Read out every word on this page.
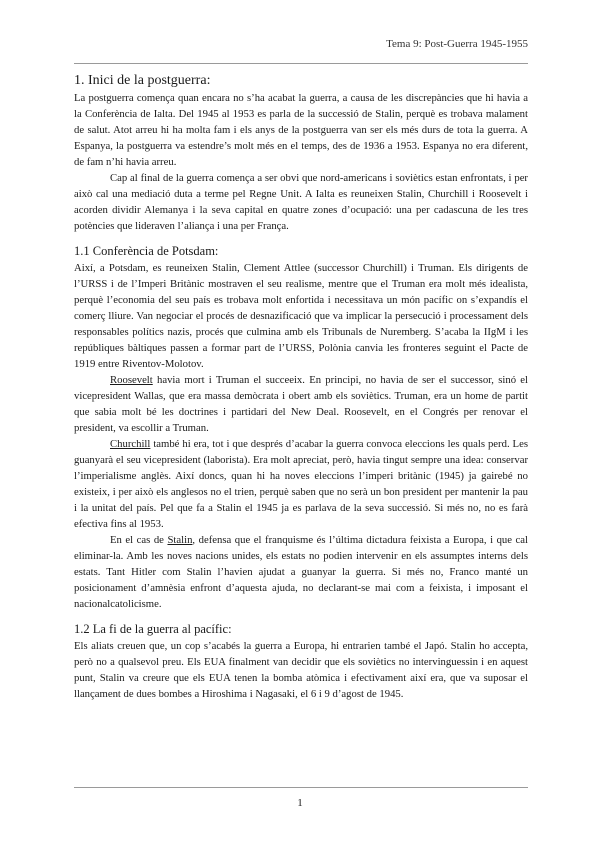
Tema 9: Post-Guerra 1945-1955
1. Inici de la postguerra:

La postguerra comença quan encara no s’ha acabat la guerra, a causa de les discrepàncies que hi havia a la Conferència de Ialta. Del 1945 al 1953 es parla de la successió de Stalin, perquè es trobava malament de salut. Atot arreu hi ha molta fam i els anys de la postguerra van ser els més durs de tota la guerra. A Espanya, la postguerra va estendre’s molt més en el temps, des de 1936 a 1953. Espanya no era diferent, de fam n’hi havia arreu.

Cap al final de la guerra comença a ser obvi que nord-americans i soviètics estan enfrontats, i per això cal una mediació duta a terme pel Regne Unit. A Ialta es reuneixen Stalin, Churchill i Roosevelt i acorden dividir Alemanya i la seva capital en quatre zones d’ocupació: una per cadascuna de les tres potències que lideraven l’aliança i una per França.

1.1 Conferència de Potsdam:

Així, a Potsdam, es reuneixen Stalin, Clement Attlee (successor Churchill) i Truman. Els dirigents de l’URSS i de l’Imperi Britànic mostraven el seu realisme, mentre que el Truman era molt més idealista, perquè l’economia del seu país es trobava molt enfortida i necessitava un món pacífic on s’expandís el comerç lliure. Van negociar el procés de desnazificació que va implicar la persecució i processament dels responsables polítics nazis, procés que culmina amb els Tribunals de Nuremberg. S’acaba la IIgM i les repúbliques bàltiques passen a formar part de l’URSS, Polònia canvia les fronteres seguint el Pacte de 1919 entre Riventov-Molotov.

Roosevelt havia mort i Truman el succeeix. En principi, no havia de ser el successor, sinó el vicepresident Wallas, que era massa demòcrata i obert amb els soviètics. Truman, era un home de partit que sabia molt bé les doctrines i partidari del New Deal. Roosevelt, en el Congrés per renovar el president, va escollir a Truman.

Churchill també hi era, tot i que després d’acabar la guerra convoca eleccions les quals perd. Les guanyarà el seu vicepresident (laborista). Era molt apreciat, però, havia tingut sempre una idea: conservar l’imperialisme anglès. Així doncs, quan hi ha noves eleccions l’imperi britànic (1945) ja gairebé no existeix, i per això els anglesos no el trien, perquè saben que no serà un bon president per mantenir la pau i la unitat del país. Pel que fa a Stalin el 1945 ja es parlava de la seva successió. Si més no, no es farà efectiva fins al 1953.

En el cas de Stalin, defensa que el franquisme és l’última dictadura feixista a Europa, i que cal eliminar-la. Amb les noves nacions unides, els estats no podien intervenir en els assumptes interns dels estats. Tant Hitler com Stalin l’havien ajudat a guanyar la guerra. Si més no, Franco manté un posicionament d’amnèsia enfront d’aquesta ajuda, no declarant-se mai com a feixista, i imposant el nacionalcatolicisme.

1.2 La fi de la guerra al pacífic:

Els aliats creuen que, un cop s’acabés la guerra a Europa, hi entrarien també el Japó. Stalin ho accepta, però no a qualsevol preu. Els EUA finalment van decidir que els soviètics no intervinguessin i en aquest punt, Stalin va creure que els EUA tenen la bomba atòmica i efectivament així era, que va suposar el llançament de dues bombes a Hiroshima i Nagasaki, el 6 i 9 d’agost de 1945.

1
